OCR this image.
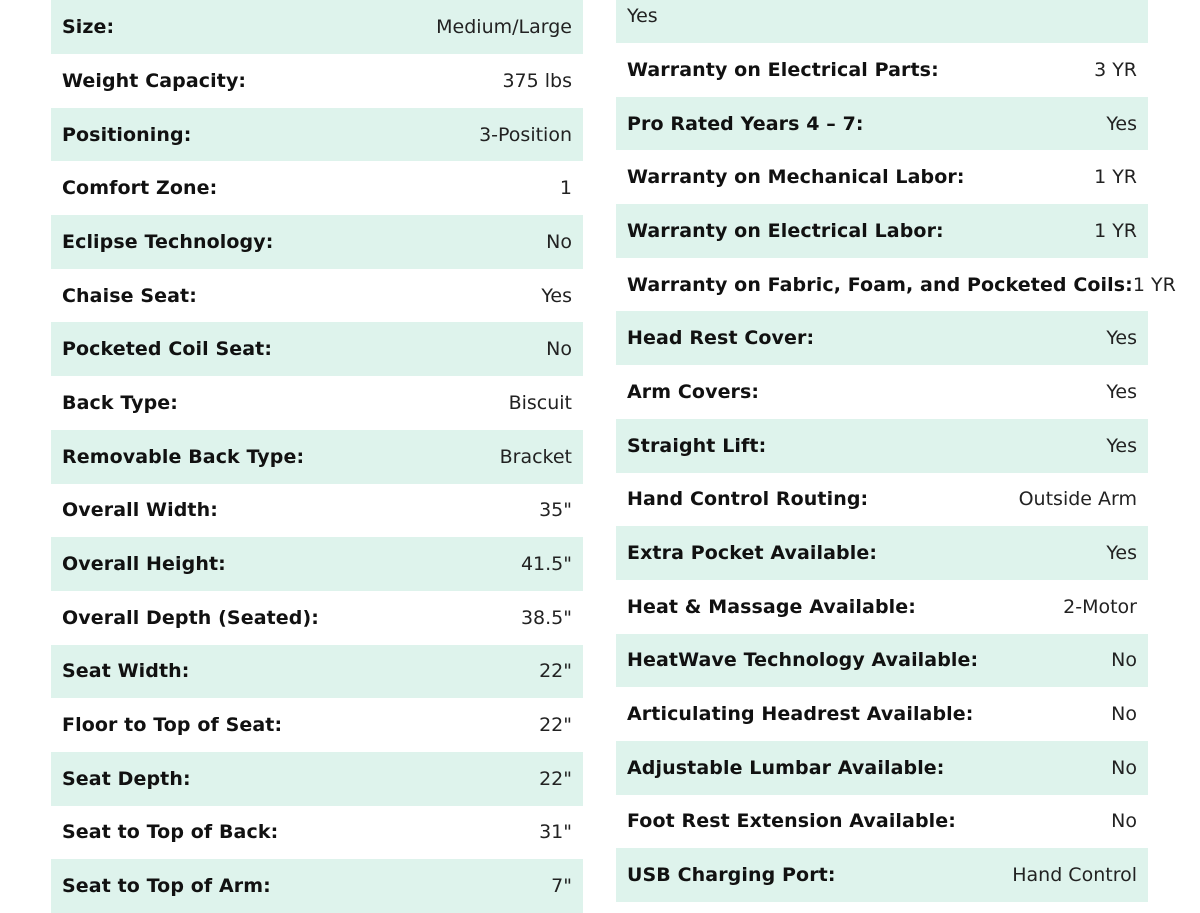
Size:	Medium/Large
Weight Capacity:	375 lbs
Positioning:	3-Position
Comfort Zone:	1
Eclipse Technology:	No
Chaise Seat:	Yes
Pocketed Coil Seat:	No
Back Type:	Biscuit
Removable Back Type:	Bracket
Overall Width:	35"
Overall Height:	41.5"
Overall Depth (Seated):	38.5"
Seat Width:	22"
Floor to Top of Seat:	22"
Seat Depth:	22"
Seat to Top of Back:	31"
Seat to Top of Arm:	7"
Yes
Warranty on Electrical Parts:	3 YR
Pro Rated Years 4 – 7:	Yes
Warranty on Mechanical Labor:	1 YR
Warranty on Electrical Labor:	1 YR
Warranty on Fabric, Foam, and Pocketed Coils: 1 YR
Head Rest Cover:	Yes
Arm Covers:	Yes
Straight Lift:	Yes
Hand Control Routing:	Outside Arm
Extra Pocket Available:	Yes
Heat & Massage Available:	2-Motor
HeatWave Technology Available:	No
Articulating Headrest Available:	No
Adjustable Lumbar Available:	No
Foot Rest Extension Available:	No
USB Charging Port:	Hand Control
